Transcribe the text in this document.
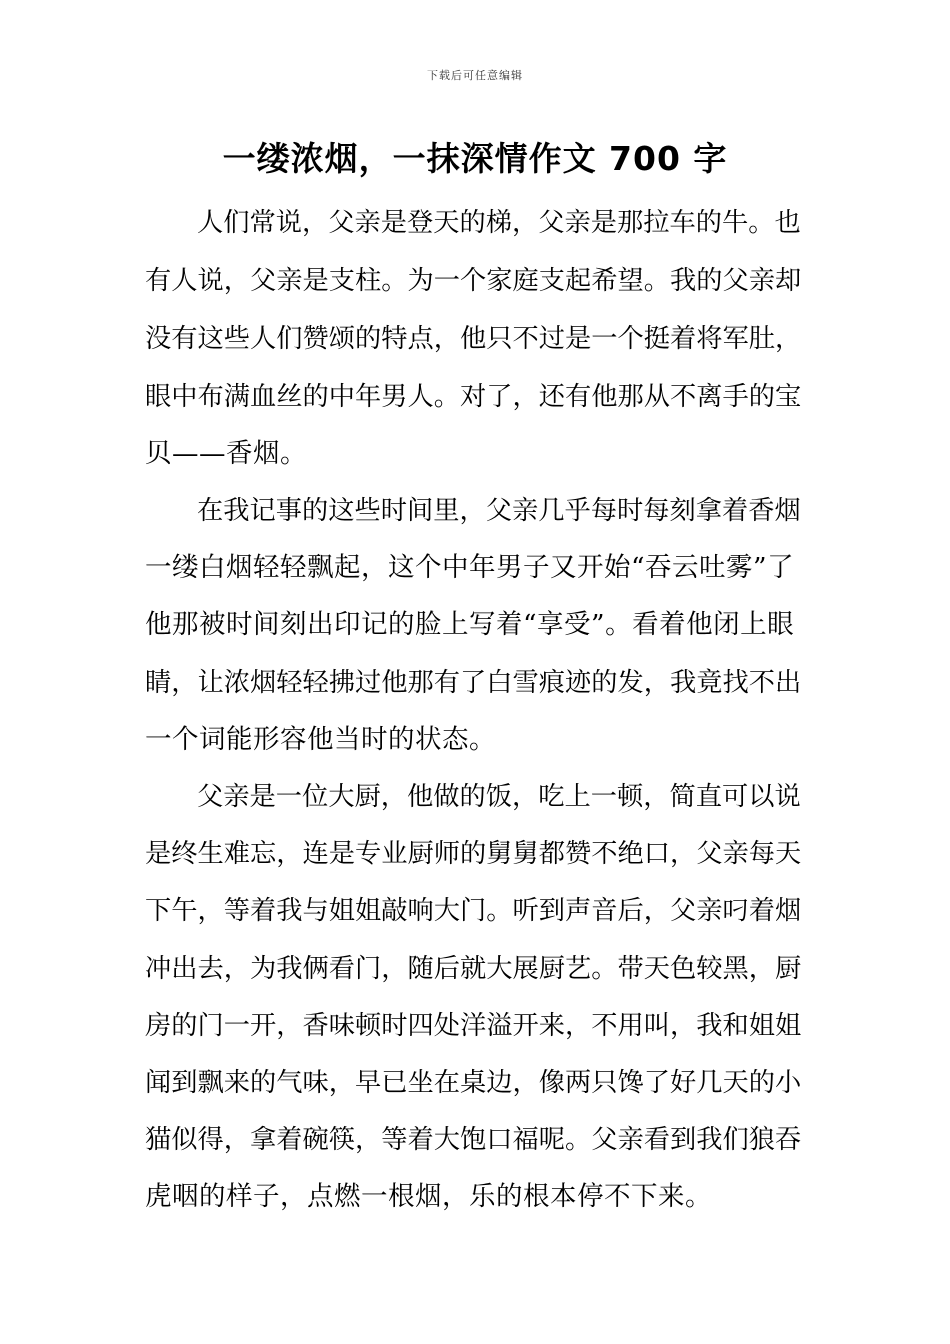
下载后可任意编辑
一缕浓烟，一抹深情作文 700 字
人们常说，父亲是登天的梯，父亲是那拉车的牛。也
有人说，父亲是支柱。为一个家庭支起希望。我的父亲却
没有这些人们赞颂的特点，他只不过是一个挺着将军肚，
眼中布满血丝的中年男人。对了，还有他那从不离手的宝
贝——香烟。
在我记事的这些时间里，父亲几乎每时每刻拿着香烟
一缕白烟轻轻飘起，这个中年男子又开始“吞云吐雾”了
他那被时间刻出印记的脸上写着“享受”。看着他闭上眼
睛，让浓烟轻轻拂过他那有了白雪痕迹的发，我竟找不出
一个词能形容他当时的状态。
父亲是一位大厨，他做的饭，吃上一顿，简直可以说
是终生难忘，连是专业厨师的舅舅都赞不绝口，父亲每天
下午，等着我与姐姐敲响大门。听到声音后，父亲叼着烟
冲出去，为我俩看门，随后就大展厨艺。带天色较黑，厨
房的门一开，香味顿时四处洋溢开来，不用叫，我和姐姐
闻到飘来的气味，早已坐在桌边，像两只馋了好几天的小
猫似得，拿着碗筷，等着大饱口福呢。父亲看到我们狼吞
虎咽的样子，点燃一根烟，乐的根本停不下来。
